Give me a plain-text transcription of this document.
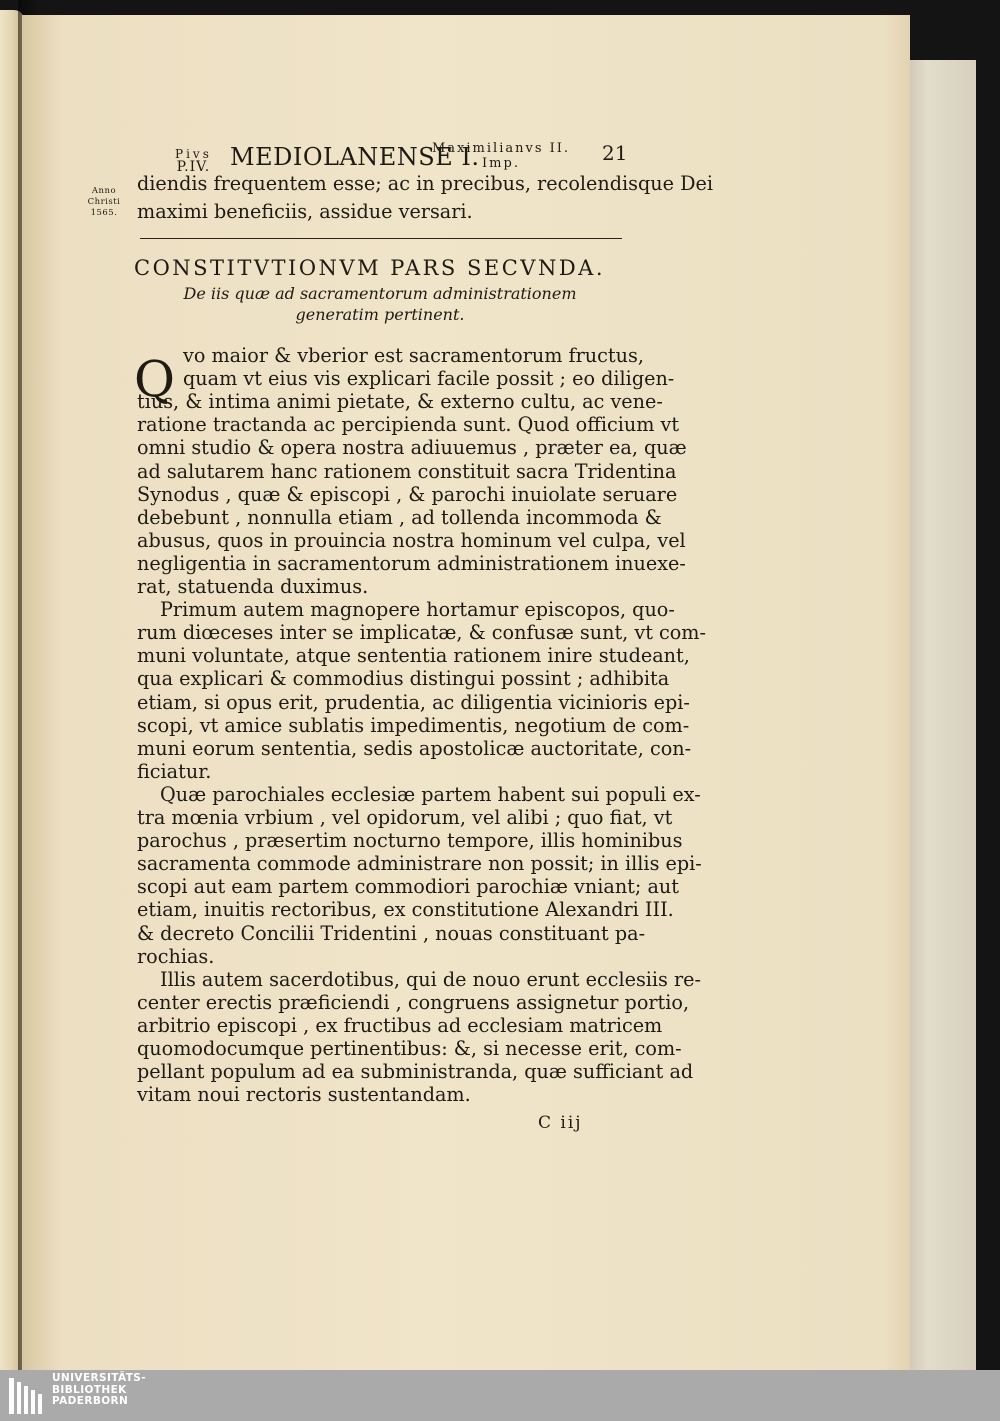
Pivs
P.IV. MEDIOLANENSE I.
Maximilianvs II.
Imp.	21
Anno
Christi
1565.
diendis frequentem esse; ac in precibus, recolendisque Dei
maximi beneficiis, assidue versari.
CONSTITVTIONVM PARS SECVNDA.
De iis quæ ad sacramentorum administrationem
generatim pertinent.
Q
C iij
vo maior & vberior est sacramentorum fructus,
quam vt eius vis explicari facile possit ; eo diligen-
tius, & intima animi pietate, & externo cultu, ac vene-
ratione tractanda ac percipienda sunt. Quod officium vt
omni studio & opera nostra adiuuemus , præter ea, quæ
ad salutarem hanc rationem constituit sacra Tridentina
Synodus , quæ & episcopi , & parochi inuiolate seruare
debebunt , nonnulla etiam , ad tollenda incommoda &
abusus, quos in prouincia nostra hominum vel culpa, vel
negligentia in sacramentorum administrationem inuexe-
rat, statuenda duximus.
Primum autem magnopere hortamur episcopos, quo-
rum diœceses inter se implicatæ, & confusæ sunt, vt com-
muni voluntate, atque sententia rationem inire studeant,
qua explicari & commodius distingui possint ; adhibita
etiam, si opus erit, prudentia, ac diligentia vicinioris epi-
scopi, vt amice sublatis impedimentis, negotium de com-
muni eorum sententia, sedis apostolicæ auctoritate, con-
ficiatur.
Quæ parochiales ecclesiæ partem habent sui populi ex-
tra mœnia vrbium , vel opidorum, vel alibi ; quo fiat, vt
parochus , præsertim nocturno tempore, illis hominibus
sacramenta commode administrare non possit; in illis epi-
scopi aut eam partem commodiori parochiæ vniant; aut
etiam, inuitis rectoribus, ex constitutione Alexandri III.
& decreto Concilii Tridentini , nouas constituant pa-
rochias.
Illis autem sacerdotibus, qui de nouo erunt ecclesiis re-
center erectis præficiendi , congruens assignetur portio,
arbitrio episcopi , ex fructibus ad ecclesiam matricem
quomodocumque pertinentibus: &, si necesse erit, com-
pellant populum ad ea subministranda, quæ sufficiant ad
vitam noui rectoris sustentandam.
UNIVERSITÄTS-
BIBLIOTHEK
PADERBORN
